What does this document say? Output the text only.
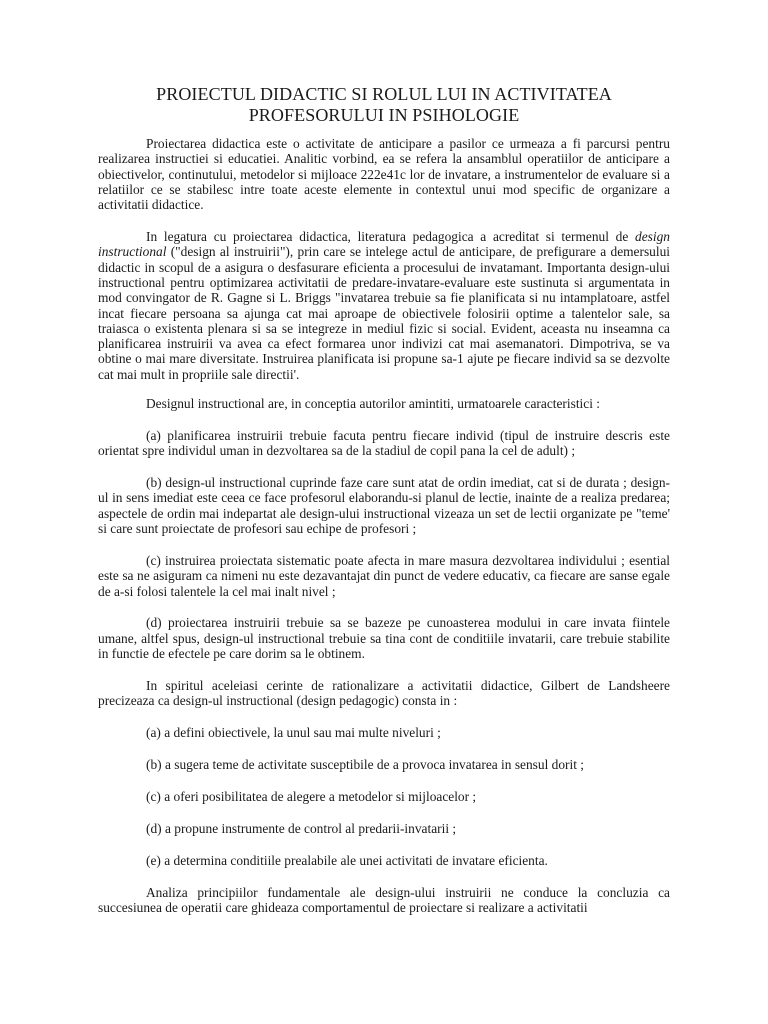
PROIECTUL DIDACTIC SI ROLUL LUI IN ACTIVITATEA
PROFESORULUI IN PSIHOLOGIE

Proiectarea didactica este o activitate de anticipare a pasilor ce urmeaza a fi parcursi pentru realizarea instructiei si educatiei. Analitic vorbind, ea se refera la ansamblul operatiilor de anticipare a obiectivelor, continutului, metodelor si mijloace 222e41c lor de invatare, a instrumentelor de evaluare si a relatiilor ce se stabilesc intre toate aceste elemente in contextul unui mod specific de organizare a activitatii didactice.

In legatura cu proiectarea didactica, literatura pedagogica a acreditat si termenul de design instructional ("design al instruirii"), prin care se intelege actul de anticipare, de prefigurare a demersului didactic in scopul de a asigura o desfasurare eficienta a procesului de invatamant. Importanta design-ului instructional pentru optimizarea activitatii de predare-invatare-evaluare este sustinuta si argumentata in mod convingator de R. Gagne si L. Briggs "invatarea trebuie sa fie planificata si nu intamplatoare, astfel incat fiecare persoana sa ajunga cat mai aproape de obiectivele folosirii optime a talentelor sale, sa traiasca o existenta plenara si sa se integreze in mediul fizic si social. Evident, aceasta nu inseamna ca planificarea instruirii va avea ca efect formarea unor indivizi cat mai asemanatori. Dimpotriva, se va obtine o mai mare diversitate. Instruirea planificata isi propune sa-1 ajute pe fiecare individ sa se dezvolte cat mai mult in propriile sale directii'.

Designul instructional are, in conceptia autorilor amintiti, urmatoarele caracteristici :

(a) planificarea instruirii trebuie facuta pentru fiecare individ (tipul de instruire descris este orientat spre individul uman in dezvoltarea sa de la stadiul de copil pana la cel de adult) ;

(b) design-ul instructional cuprinde faze care sunt atat de ordin imediat, cat si de durata ; design-ul in sens imediat este ceea ce face profesorul elaborandu-si planul de lectie, inainte de a realiza predarea; aspectele de ordin mai indepartat ale design-ului instructional vizeaza un set de lectii organizate pe "teme' si care sunt proiectate de profesori sau echipe de profesori ;

(c) instruirea proiectata sistematic poate afecta in mare masura dezvoltarea individului ; esential este sa ne asiguram ca nimeni nu este dezavantajat din punct de vedere educativ, ca fiecare are sanse egale de a-si folosi talentele la cel mai inalt nivel ;

(d) proiectarea instruirii trebuie sa se bazeze pe cunoasterea modului in care invata fiintele umane, altfel spus, design-ul instructional trebuie sa tina cont de conditiile invatarii, care trebuie stabilite in functie de efectele pe care dorim sa le obtinem.

In spiritul aceleiasi cerinte de rationalizare a activitatii didactice, Gilbert de Landsheere precizeaza ca design-ul instructional (design pedagogic) consta in :

(a) a defini obiectivele, la unul sau mai multe niveluri ;

(b) a sugera teme de activitate susceptibile de a provoca invatarea in sensul dorit ;

(c) a oferi posibilitatea de alegere a metodelor si mijloacelor ;

(d) a propune instrumente de control al predarii-invatarii ;

(e) a determina conditiile prealabile ale unei activitati de invatare eficienta.

Analiza principiilor fundamentale ale design-ului instruirii ne conduce la concluzia ca succesiunea de operatii care ghideaza comportamentul de proiectare si realizare a activitatii
